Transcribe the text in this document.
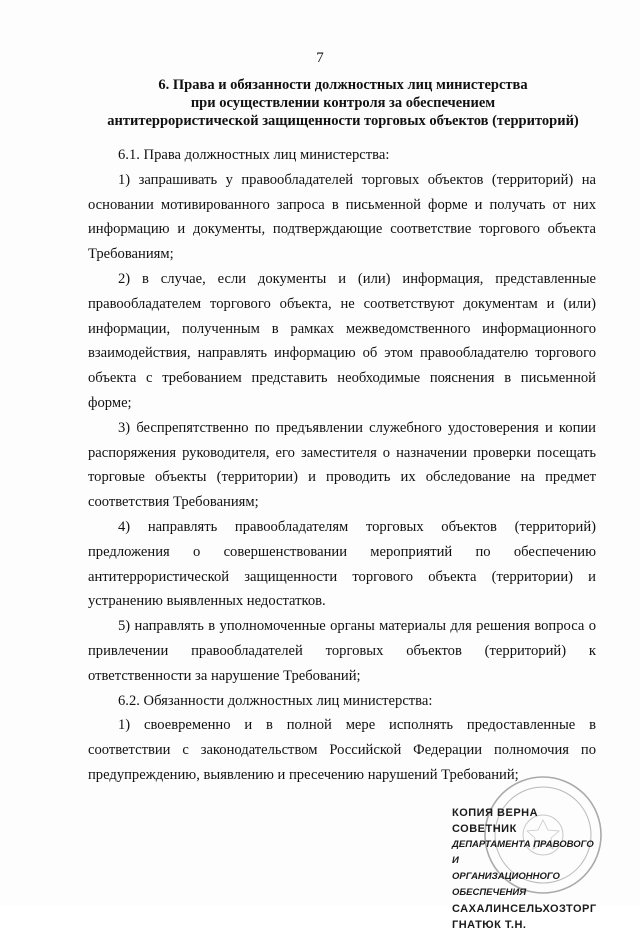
7
6. Права и обязанности должностных лиц министерства
при осуществлении контроля за обеспечением
антитеррористической защищенности торговых объектов (территорий)

6.1. Права должностных лиц министерства:

1) запрашивать у правообладателей торговых объектов (территорий) на основании мотивированного запроса в письменной форме и получать от них информацию и документы, подтверждающие соответствие торгового объекта Требованиям;

2) в случае, если документы и (или) информация, представленные правообладателем торгового объекта, не соответствуют документам и (или) информации, полученным в рамках межведомственного информационного взаимодействия, направлять информацию об этом правообладателю торгового объекта с требованием представить необходимые пояснения в письменной форме;

3) беспрепятственно по предъявлении служебного удостоверения и копии распоряжения руководителя, его заместителя о назначении проверки посещать торговые объекты (территории) и проводить их обследование на предмет соответствия Требованиям;

4) направлять правообладателям торговых объектов (территорий) предложения о совершенствовании мероприятий по обеспечению антитеррористической защищенности торгового объекта (территории) и устранению выявленных недостатков.

5) направлять в уполномоченные органы материалы для решения вопроса о привлечении правообладателей торговых объектов (территорий) к ответственности за нарушение Требований;

6.2. Обязанности должностных лиц министерства:

1) своевременно и в полной мере исполнять предоставленные в соответствии с законодательством Российской Федерации полномочия по предупреждению, выявлению и пресечению нарушений Требований;

КОПИЯ ВЕРНА
СОВЕТНИК
ДЕПАРТАМЕНТА ПРАВОВОГО И
ОРГАНИЗАЦИОННОГО
ОБЕСПЕЧЕНИЯ
САХАЛИНСЕЛЬХОЗТОРГ
ГНАТЮК Т.Н.
